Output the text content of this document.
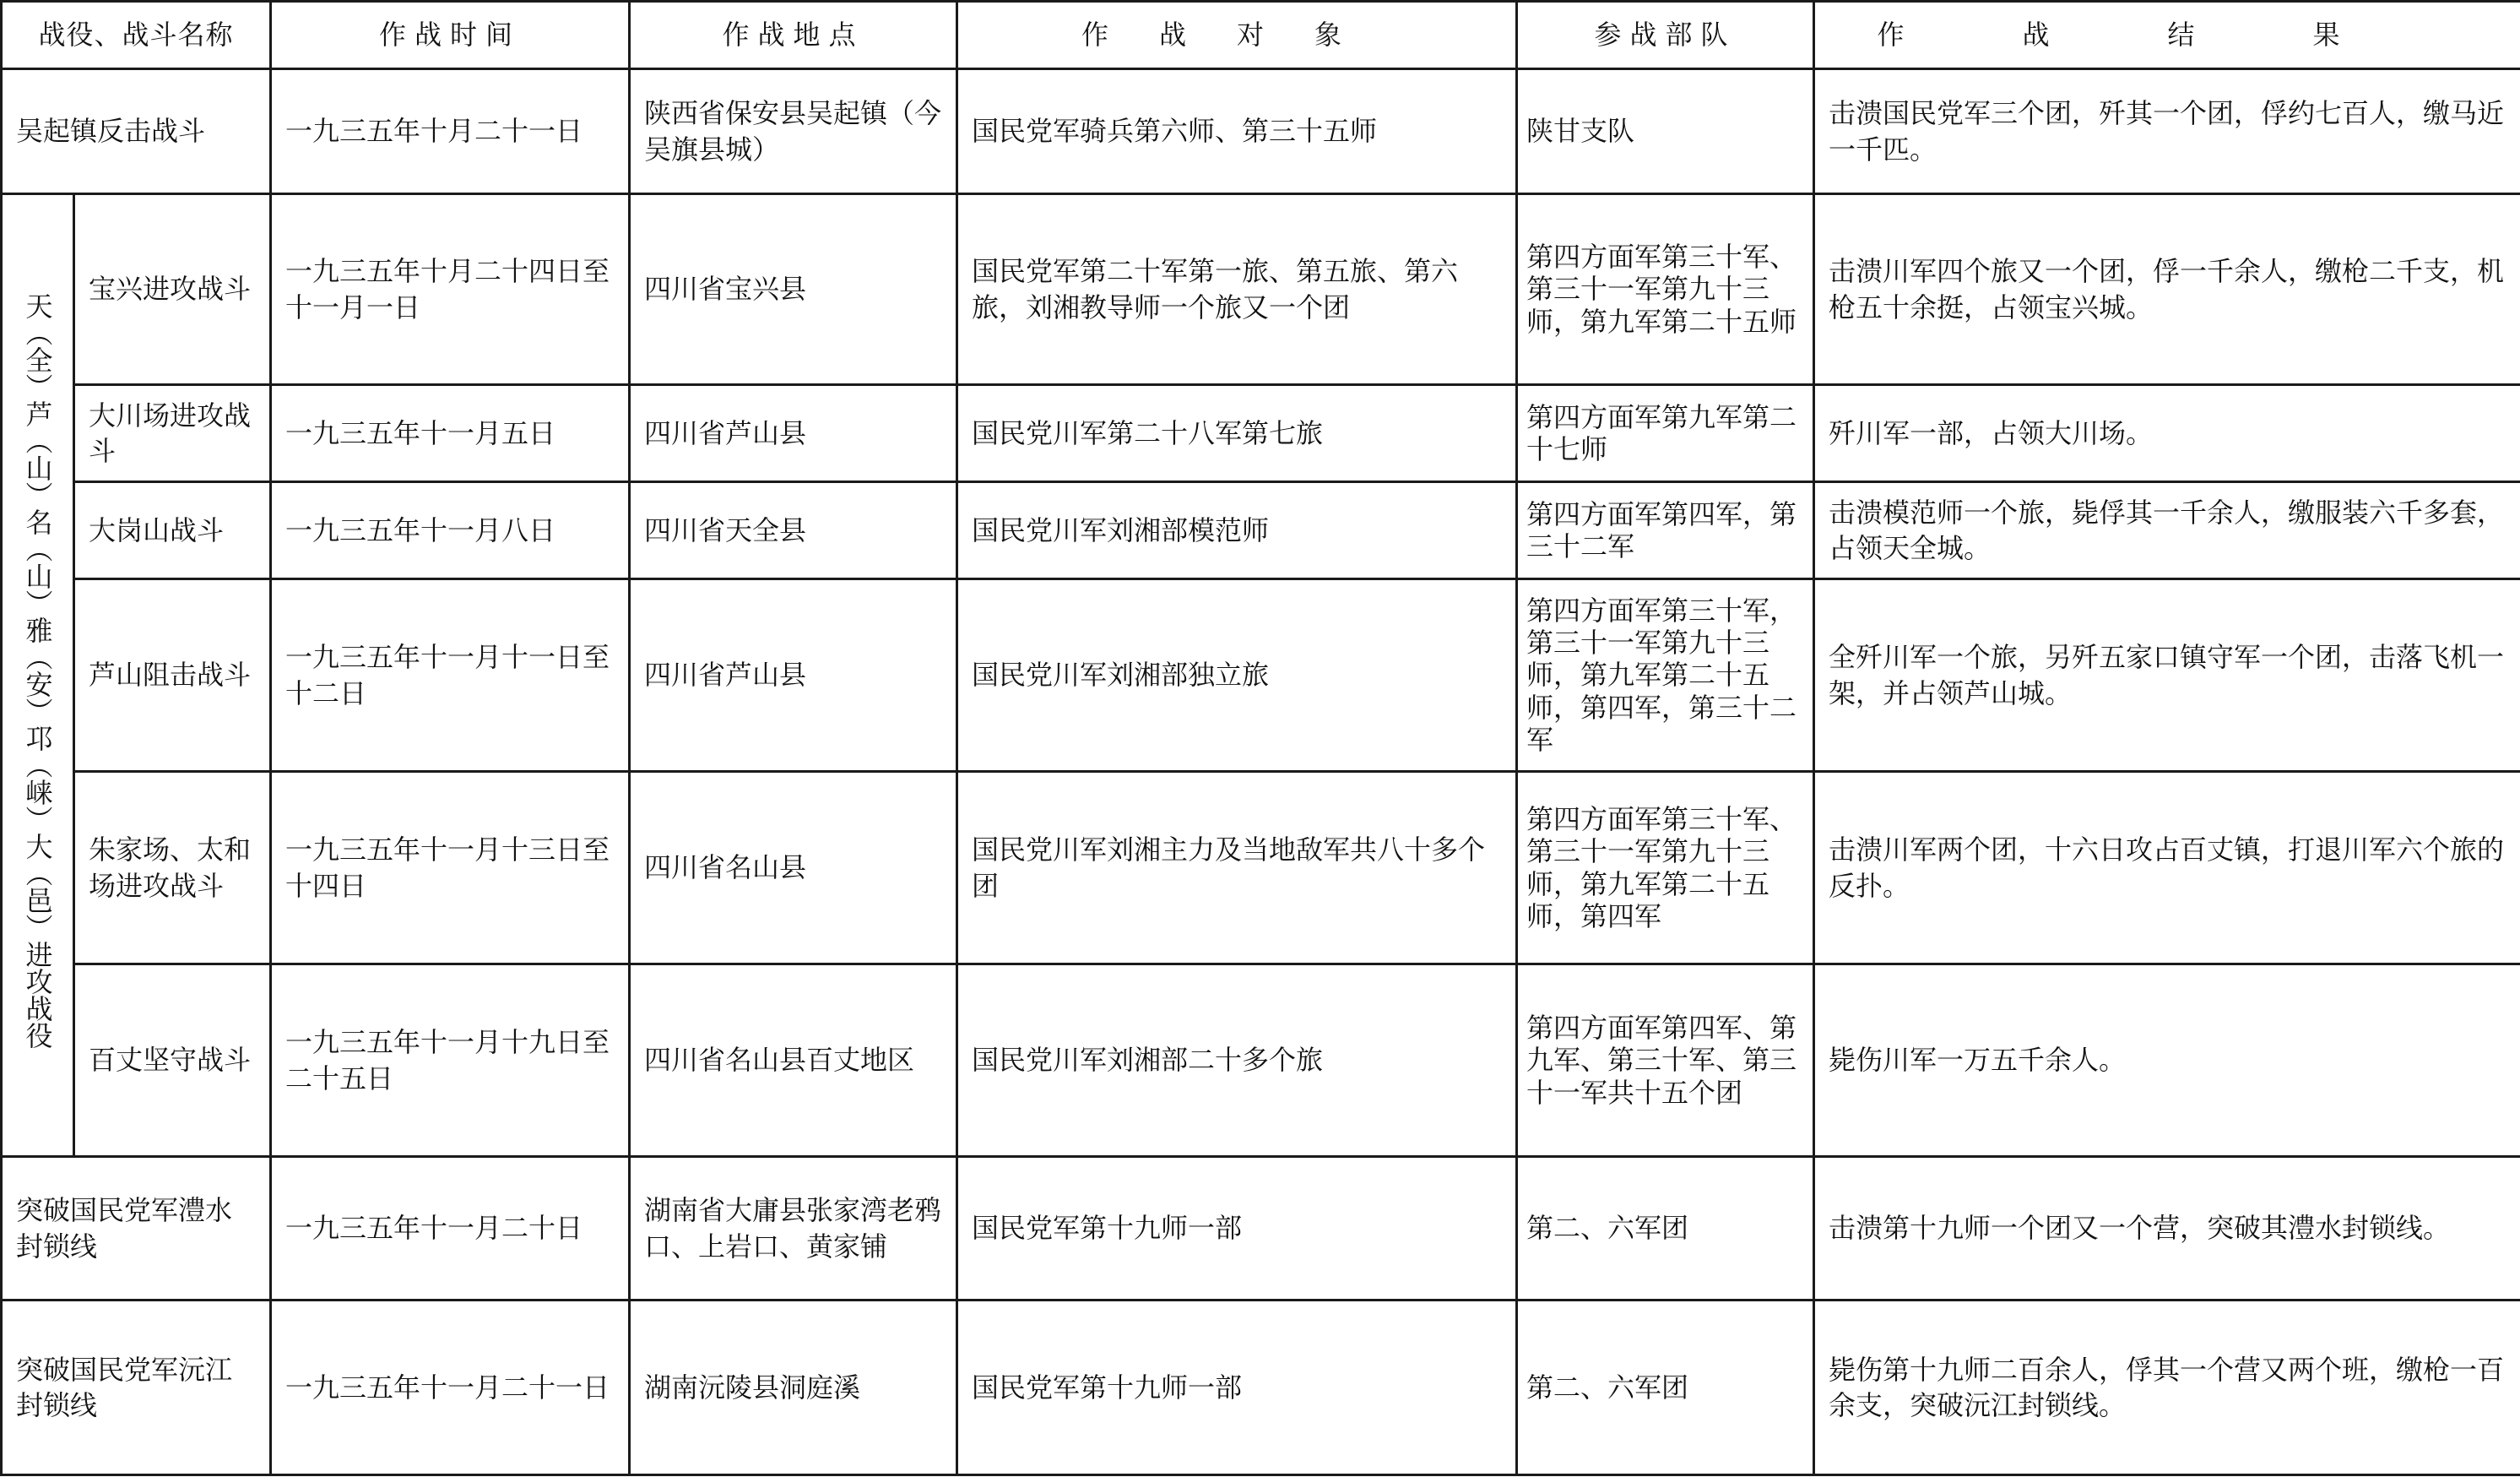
战役、战斗名称		作战时间	作战地点	作战对象	参战部队	作战结果
吴起镇反击战斗		一九三五年十月二十一日	陕西省保安县吴起镇（今吴旗县城）	国民党军骑兵第六师、第三十五师	陕甘支队	击溃国民党军三个团，歼其一个团，俘约七百人，缴马近一千匹。
天（全）芦（山）名（山）雅（安）邛（崃）大（邑）进攻战役	宝兴进攻战斗	一九三五年十月二十四日至十一月一日	四川省宝兴县	国民党军第二十军第一旅、第五旅、第六旅，刘湘教导师一个旅又一个团	第四方面军第三十军、第三十一军第九十三师，第九军第二十五师	击溃川军四个旅又一个团，俘一千余人，缴枪二千支，机枪五十余挺，占领宝兴城。
	大川场进攻战斗	一九三五年十一月五日	四川省芦山县	国民党川军第二十八军第七旅	第四方面军第九军第二十七师	歼川军一部，占领大川场。
	大岗山战斗	一九三五年十一月八日	四川省天全县	国民党川军刘湘部模范师	第四方面军第四军，第三十二军	击溃模范师一个旅，毙俘其一千余人，缴服装六千多套，占领天全城。
	芦山阻击战斗	一九三五年十一月十一日至十二日	四川省芦山县	国民党川军刘湘部独立旅	第四方面军第三十军，第三十一军第九十三师，第九军第二十五师，第四军，第三十二军	全歼川军一个旅，另歼五家口镇守军一个团，击落飞机一架，并占领芦山城。
	朱家场、太和场进攻战斗	一九三五年十一月十三日至十四日	四川省名山县	国民党川军刘湘主力及当地敌军共八十多个团	第四方面军第三十军、第三十一军第九十三师，第九军第二十五师，第四军	击溃川军两个团，十六日攻占百丈镇，打退川军六个旅的反扑。
	百丈坚守战斗	一九三五年十一月十九日至二十五日	四川省名山县百丈地区	国民党川军刘湘部二十多个旅	第四方面军第四军、第九军、第三十军、第三十一军共十五个团	毙伤川军一万五千余人。
突破国民党军澧水封锁线		一九三五年十一月二十日	湖南省大庸县张家湾老鸦口、上岩口、黄家铺	国民党军第十九师一部	第二、六军团	击溃第十九师一个团又一个营，突破其澧水封锁线。
突破国民党军沅江封锁线		一九三五年十一月二十一日	湖南沅陵县洞庭溪	国民党军第十九师一部	第二、六军团	毙伤第十九师二百余人，俘其一个营又两个班，缴枪一百余支，突破沅江封锁线。
